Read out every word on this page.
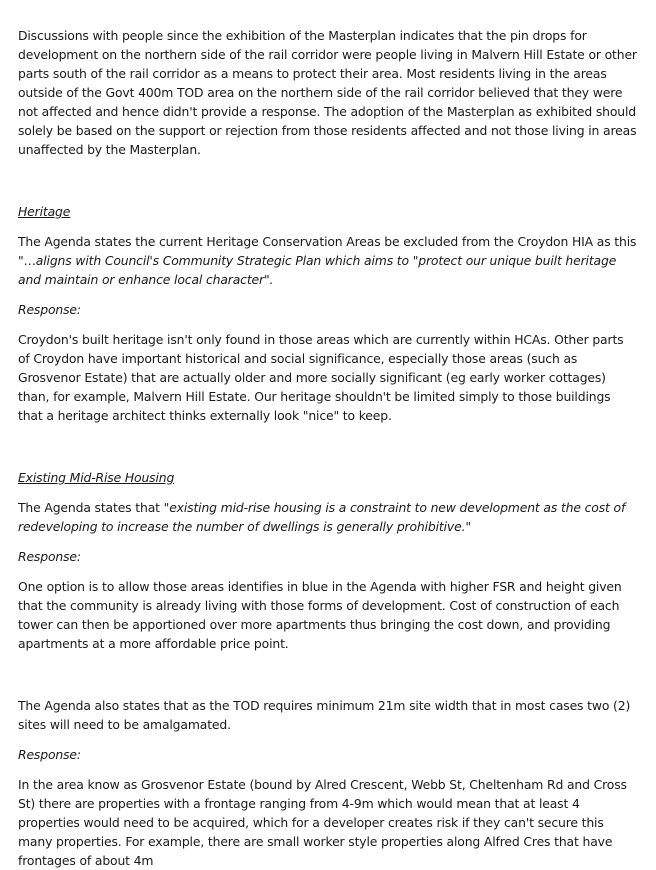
Discussions with people since the exhibition of the Masterplan indicates that the pin drops for development on the northern side of the rail corridor were people living in Malvern Hill Estate or other parts south of the rail corridor as a means to protect their area. Most residents living in the areas outside of the Govt 400m TOD area on the northern side of the rail corridor believed that they were not affected and hence didn't provide a response. The adoption of the Masterplan as exhibited should solely be based on the support or rejection from those residents affected and not those living in areas unaffected by the Masterplan.

Heritage

The Agenda states the current Heritage Conservation Areas be excluded from the Croydon HIA as this "…aligns with Council's Community Strategic Plan which aims to "protect our unique built heritage and maintain or enhance local character".

Response:

Croydon's built heritage isn't only found in those areas which are currently within HCAs. Other parts of Croydon have important historical and social significance, especially those areas (such as Grosvenor Estate) that are actually older and more socially significant (eg early worker cottages) than, for example, Malvern Hill Estate. Our heritage shouldn't be limited simply to those buildings that a heritage architect thinks externally look "nice" to keep.

Existing Mid-Rise Housing

The Agenda states that "existing mid-rise housing is a constraint to new development as the cost of redeveloping to increase the number of dwellings is generally prohibitive."

Response:

One option is to allow those areas identifies in blue in the Agenda with higher FSR and height given that the community is already living with those forms of development. Cost of construction of each tower can then be apportioned over more apartments thus bringing the cost down, and providing apartments at a more affordable price point.

The Agenda also states that as the TOD requires minimum 21m site width that in most cases two (2) sites will need to be amalgamated.

Response:

In the area know as Grosvenor Estate (bound by Alred Crescent, Webb St, Cheltenham Rd and Cross St) there are properties with a frontage ranging from 4-9m which would mean that at least 4 properties would need to be acquired, which for a developer creates risk if they can't secure this many properties. For example, there are small worker style properties along Alfred Cres that have frontages of about 4m
